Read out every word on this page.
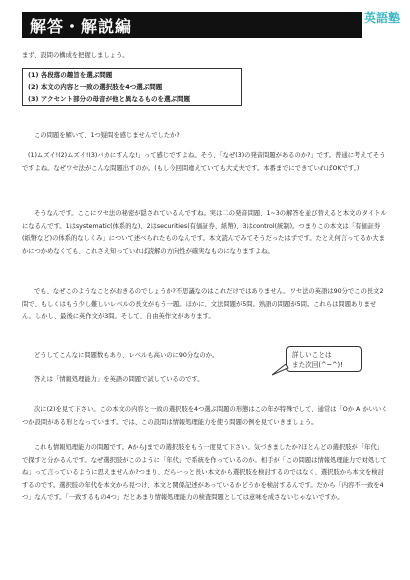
解答・解説編	英語塾

まず、設問の構成を把握しましょう。

(1) 各段落の趣旨を選ぶ問題
(2) 本文の内容と一致の選択肢を4つ選ぶ問題
(3) アクセント部分の母音が他と異なるものを選ぶ問題

この問題を解いて、1つ疑問を感じませんでしたか?

(1)ムズイ!(2)ムズイ!(3)バカにすんな!」って感じですよね。そう、「なぜ(3)の発音問題があるのか?」です。普通に考えてそうですよね。なぜワセ法がこんな問題出すのか。(もし今回問違えていても大丈夫です。本番までにできていればOKです。)

そうなんです。ここにワセ法の秘密が隠されているんですね。実は二の発音問題、1~3の解答を並び替えると本文のタイトルになるんです。1はsystematic(体系的な)、2はsecurities(有価証券、紙幣)、3はcontrol(統制)。つまりこの本文は「有価証券(紙幣など)の体系的なしくみ」について述べられたものなんです。本文読んでみてそうだったはずです。たとえ何言ってるか大まかにつかめなくても、これさえ知っていれば読解の方向性が確実なものになりますよね。

でも、なぜこのようなことがおきるのでしょうか?不思議なのはこれだけではありません。ワセ法の英語は90分でこの長文2問で、もしくはもう少し難しいレベルの長文がもう一題。ほかに、文法問題が5問。熟語の問題が5問。これらは問題ありません。しかし、最後に英作文が3問。そして、自由英作文があります。

どうしてこんなに問題数もあり、レベルも高いのに90分なのか。

答えは「情報処理能力」を英語の問題で試しているのです。

詳しいことは
また次回(^~^)!

次に(2)を見て下さい。この本文の内容と一致の選択肢を4つ選ぶ問題の形態はこの年が特殊でして、通常は「Oか A かいいくつか設問がある形となっています。では、この設問は情報処理能力を使う問題の例を見ていきましょう。

これも情報処理能力の問題です。AからJまでの選択肢をもう一度見て下さい。気づきましたか?ほとんどの選択肢が「年代」で探すと分かるんです。なぜ選択肢がこのように「年代」で系統を作っているのか。相手が「この問題は情報処理能力で対処してね」って言っているように思えませんか?つまり、だらーっと長い本文から選択肢を検討するのではなく、選択肢から本文を検討するのです。選択肢の年代を本文から見つけ、本文と関係記述があっているかどうかを検討するんです。だから「内容不一致を4つ」なんです。「一致するもの4つ」だとあまり情報処理能力の検査問題としては意味を成さないじゃないですか。
